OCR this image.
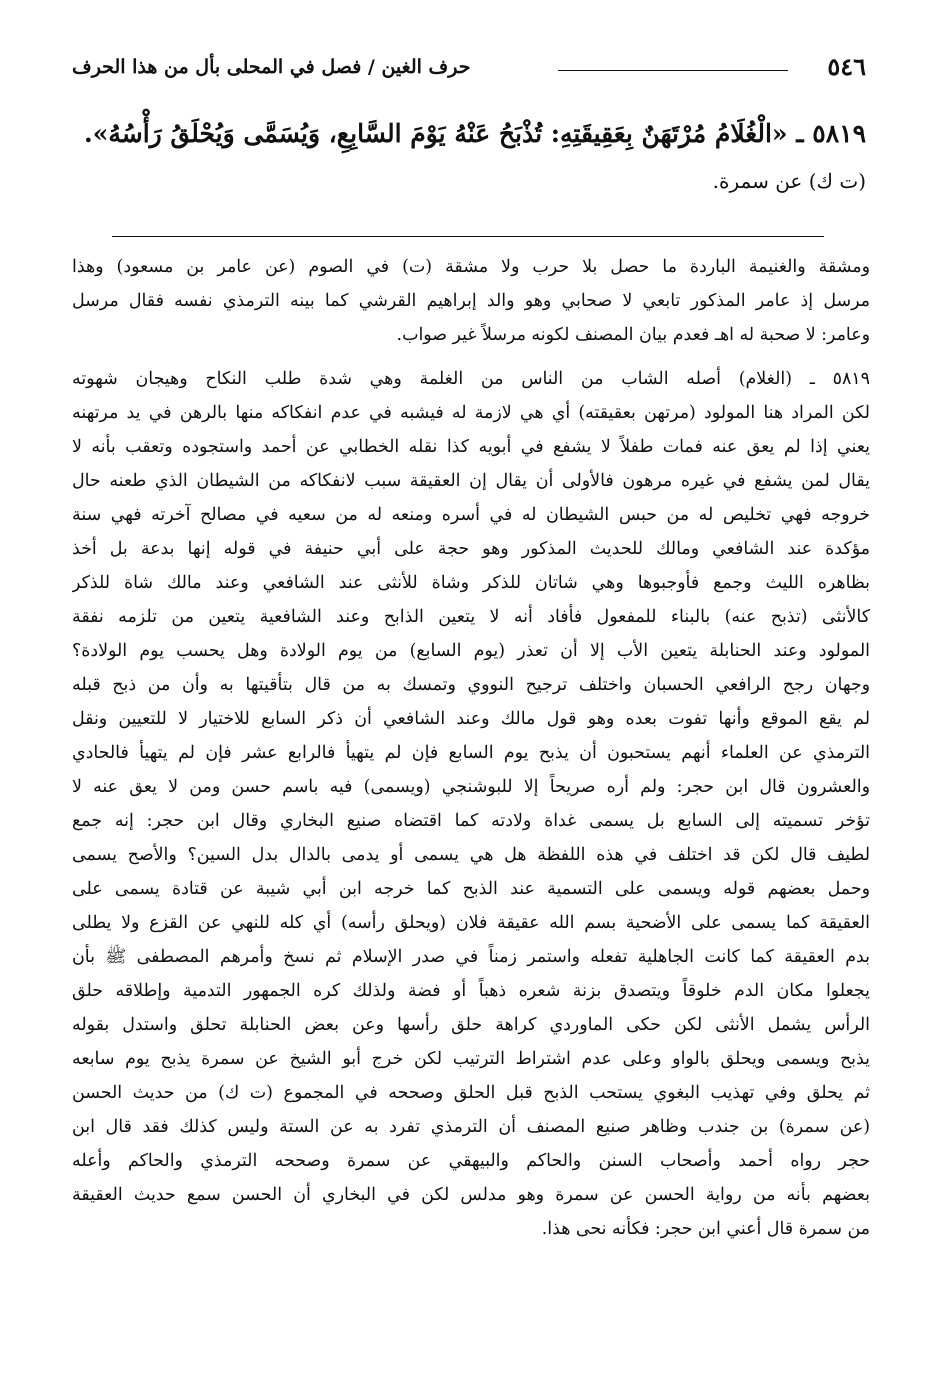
٥٤٦
حرف الغين / فصل في المحلى بأل من هذا الحرف
٥٨١٩ ـ «الْغُلَامُ مُرْتَهَنٌ بِعَقِيقَتِهِ: تُذْبَحُ عَنْهُ يَوْمَ السَّابِعِ، وَيُسَمَّى وَيُحْلَقُ رَأْسُهُ».
(ت ك) عن سمرة.
ومشقة والغنيمة الباردة ما حصل بلا حرب ولا مشقة (ت) في الصوم (عن عامر بن مسعود) وهذا
مرسل إذ عامر المذكور تابعي لا صحابي وهو والد إبراهيم القرشي كما بينه الترمذي نفسه فقال مرسل
وعامر: لا صحبة له اهـ فعدم بيان المصنف لكونه مرسلاً غير صواب.
٥٨١٩ ـ (الغلام) أصله الشاب من الناس من الغلمة وهي شدة طلب النكاح وهيجان شهوته
لكن المراد هنا المولود (مرتهن بعقيقته) أي هي لازمة له فيشبه في عدم انفكاكه منها بالرهن في يد مرتهنه
يعني إذا لم يعق عنه فمات طفلاً لا يشفع في أبويه كذا نقله الخطابي عن أحمد واستجوده وتعقب بأنه لا
يقال لمن يشفع في غيره مرهون فالأولى أن يقال إن العقيقة سبب لانفكاكه من الشيطان الذي طعنه حال
خروجه فهي تخليص له من حبس الشيطان له في أسره ومنعه له من سعيه في مصالح آخرته فهي سنة
مؤكدة عند الشافعي ومالك للحديث المذكور وهو حجة على أبي حنيفة في قوله إنها بدعة بل أخذ
بظاهره الليث وجمع فأوجبوها وهي شاتان للذكر وشاة للأنثى عند الشافعي وعند مالك شاة للذكر
كالأنثى (تذبح عنه) بالبناء للمفعول فأفاد أنه لا يتعين الذابح وعند الشافعية يتعين من تلزمه نفقة
المولود وعند الحنابلة يتعين الأب إلا أن تعذر (يوم السابع) من يوم الولادة وهل يحسب يوم الولادة؟
وجهان رجح الرافعي الحسبان واختلف ترجيح النووي وتمسك به من قال بتأقيتها به وأن من ذبح قبله
لم يقع الموقع وأنها تفوت بعده وهو قول مالك وعند الشافعي أن ذكر السابع للاختيار لا للتعيين ونقل
الترمذي عن العلماء أنهم يستحبون أن يذبح يوم السابع فإن لم يتهيأ فالرابع عشر فإن لم يتهيأ فالحادي
والعشرون قال ابن حجر: ولم أره صريحاً إلا للبوشنجي (ويسمى) فيه باسم حسن ومن لا يعق عنه لا
تؤخر تسميته إلى السابع بل يسمى غداة ولادته كما اقتضاه صنيع البخاري وقال ابن حجر: إنه جمع
لطيف قال لكن قد اختلف في هذه اللفظة هل هي يسمى أو يدمى بالدال بدل السين؟ والأصح يسمى
وحمل بعضهم قوله ويسمى على التسمية عند الذبح كما خرجه ابن أبي شيبة عن قتادة يسمى على
العقيقة كما يسمى على الأضحية بسم الله عقيقة فلان (ويحلق رأسه) أي كله للنهي عن القزع ولا يطلى
بدم العقيقة كما كانت الجاهلية تفعله واستمر زمناً في صدر الإسلام ثم نسخ وأمرهم المصطفى ﷺ بأن
يجعلوا مكان الدم خلوقاً ويتصدق بزنة شعره ذهباً أو فضة ولذلك كره الجمهور التدمية وإطلاقه حلق
الرأس يشمل الأنثى لكن حكى الماوردي كراهة حلق رأسها وعن بعض الحنابلة تحلق واستدل بقوله
يذبح ويسمى ويحلق بالواو وعلى عدم اشتراط الترتيب لكن خرج أبو الشيخ عن سمرة يذبح يوم سابعه
ثم يحلق وفي تهذيب البغوي يستحب الذبح قبل الحلق وصححه في المجموع (ت ك) من حديث الحسن
(عن سمرة) بن جندب وظاهر صنيع المصنف أن الترمذي تفرد به عن الستة وليس كذلك فقد قال ابن
حجر رواه أحمد وأصحاب السنن والحاكم والبيهقي عن سمرة وصححه الترمذي والحاكم وأعله
بعضهم بأنه من رواية الحسن عن سمرة وهو مدلس لكن في البخاري أن الحسن سمع حديث العقيقة
من سمرة قال أعني ابن حجر: فكأنه نحى هذا.
